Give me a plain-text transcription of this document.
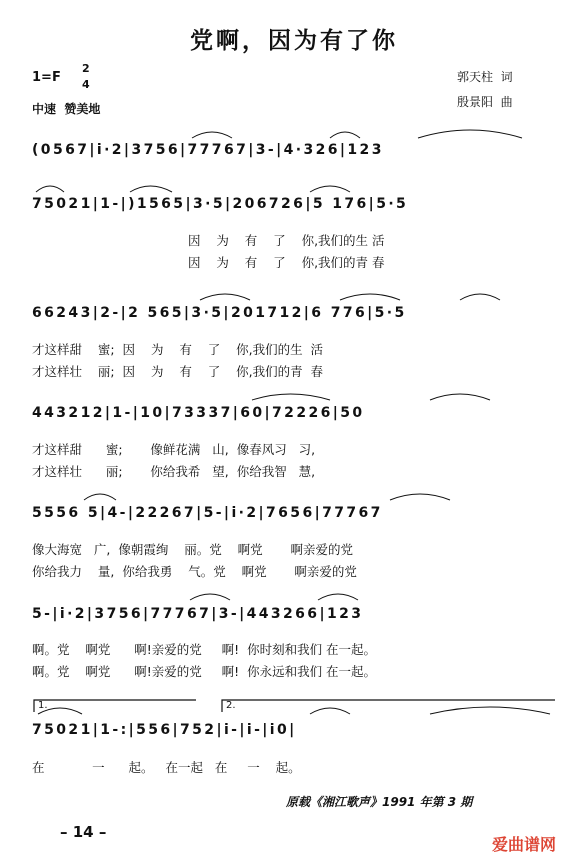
党啊，因为有了你
1=F
2
4
中速  赞美地
郭天柱  词
殷景阳  曲
(0567|i·2|3756|77767|3-|4·326|123
75021|1-|)1565|3·5|206726|5 176|5·5
因    为    有    了    你,我们的生 活
因    为    有    了    你,我们的青 春
66243|2-|2 565|3·5|201712|6 776|5·5
才这样甜    蜜;  因    为    有    了    你,我们的生  活
才这样壮    丽;  因    为    有    了    你,我们的青  春
443212|1-|10|73337|60|72226|50
才这样甜      蜜;       像鲜花满   山,  像春风习   习,
才这样壮      丽;       你给我希   望,  你给我智   慧,
5556 5|4-|22267|5-|i·2|7656|77767
像大海宽   广,  像朝霞绚    丽。党    啊党       啊亲爱的党
你给我力    量,  你给我勇    气。党    啊党       啊亲爱的党
5-|i·2|3756|77767|3-|443266|123
啊。党    啊党      啊!亲爱的党     啊!  你时刻和我们 在一起。
啊。党    啊党      啊!亲爱的党     啊!  你永远和我们 在一起。
1.	2.
75021|1-:|556|752|i-|i-|i0|
在            一      起。   在一起   在     一    起。
原载《湘江歌声》1991 年第 3 期
– 14 –
爱曲谱网
